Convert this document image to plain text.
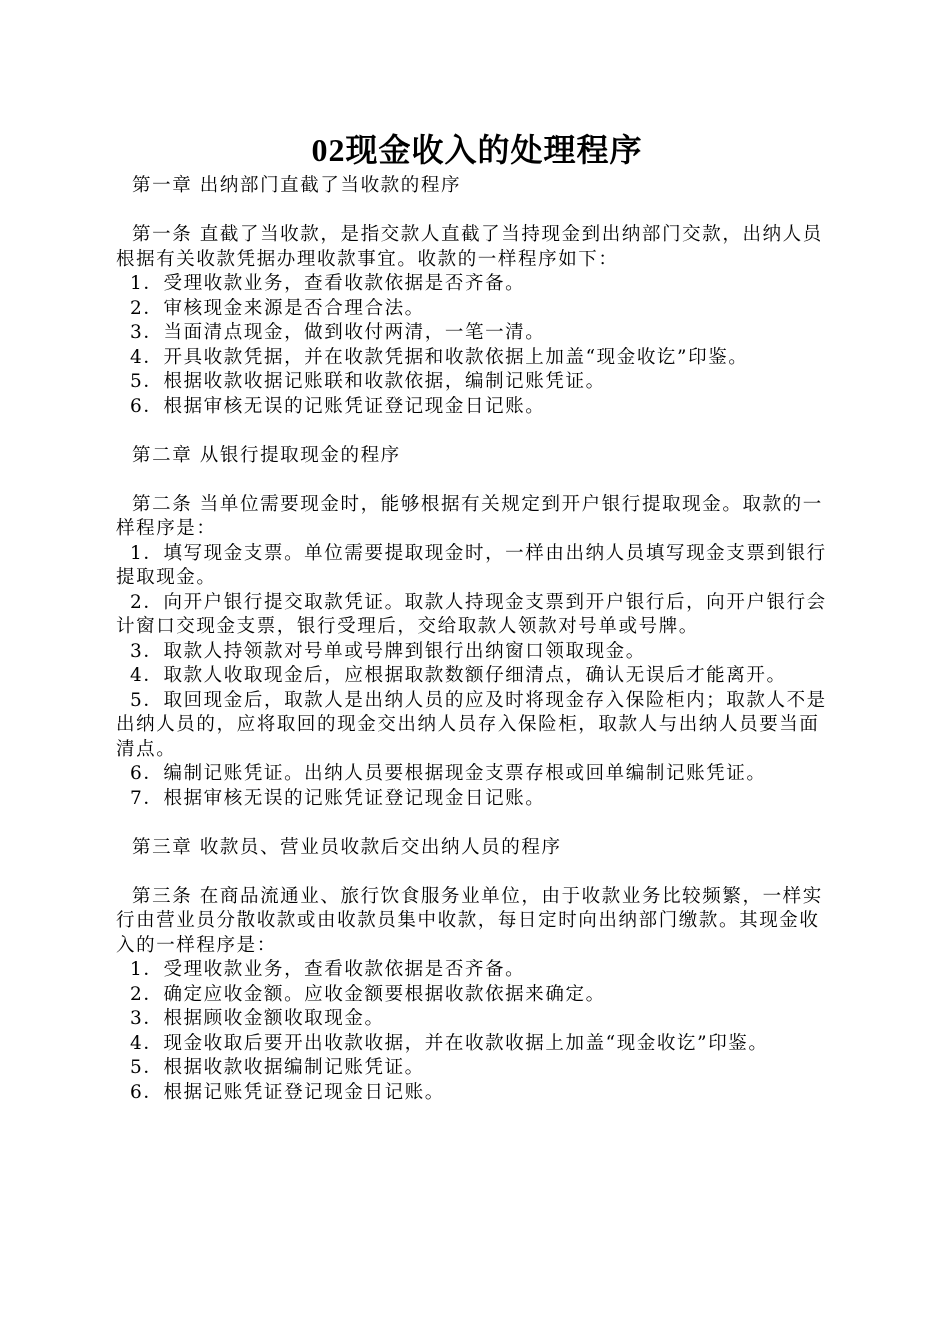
02现金收入的处理程序

第一章 出纳部门直截了当收款的程序

第一条 直截了当收款，是指交款人直截了当持现金到出纳部门交款，出纳人员根据有关收款凭据办理收款事宜。收款的一样程序如下：

1．受理收款业务，查看收款依据是否齐备。

2．审核现金来源是否合理合法。

3．当面清点现金，做到收付两清，一笔一清。

4．开具收款凭据，并在收款凭据和收款依据上加盖“现金收讫”印鉴。

5．根据收款收据记账联和收款依据，编制记账凭证。

6．根据审核无误的记账凭证登记现金日记账。

第二章 从银行提取现金的程序

第二条 当单位需要现金时，能够根据有关规定到开户银行提取现金。取款的一样程序是：

1．填写现金支票。单位需要提取现金时，一样由出纳人员填写现金支票到银行提取现金。

2．向开户银行提交取款凭证。取款人持现金支票到开户银行后，向开户银行会计窗口交现金支票，银行受理后，交给取款人领款对号单或号牌。

3．取款人持领款对号单或号牌到银行出纳窗口领取现金。

4．取款人收取现金后，应根据取款数额仔细清点，确认无误后才能离开。

5．取回现金后，取款人是出纳人员的应及时将现金存入保险柜内；取款人不是出纳人员的，应将取回的现金交出纳人员存入保险柜，取款人与出纳人员要当面清点。

6．编制记账凭证。出纳人员要根据现金支票存根或回单编制记账凭证。

7．根据审核无误的记账凭证登记现金日记账。

第三章 收款员、营业员收款后交出纳人员的程序

第三条 在商品流通业、旅行饮食服务业单位，由于收款业务比较频繁，一样实行由营业员分散收款或由收款员集中收款，每日定时向出纳部门缴款。其现金收入的一样程序是：

1．受理收款业务，查看收款依据是否齐备。

2．确定应收金额。应收金额要根据收款依据来确定。

3．根据顾收金额收取现金。

4．现金收取后要开出收款收据，并在收款收据上加盖“现金收讫”印鉴。

5．根据收款收据编制记账凭证。

6．根据记账凭证登记现金日记账。
